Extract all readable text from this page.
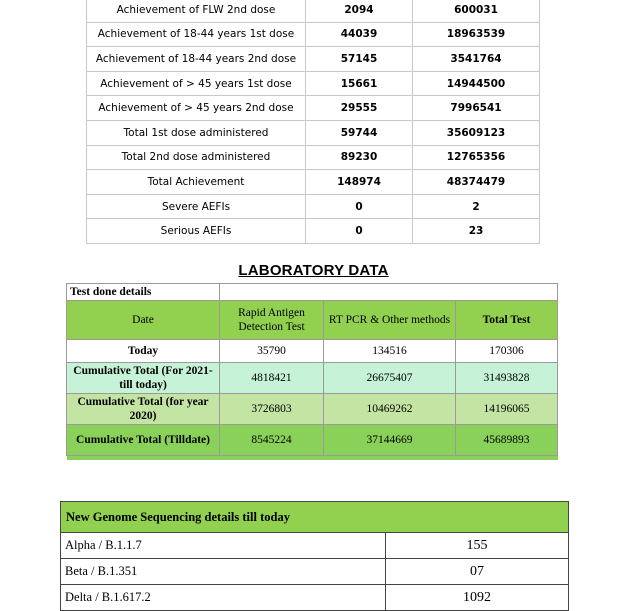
Achievement of FLW 2nd dose	2094	600031
Achievement of 18-44 years 1st dose	44039	18963539
Achievement of 18-44 years 2nd dose	57145	3541764
Achievement of > 45 years 1st dose	15661	14944500
Achievement of > 45 years 2nd dose	29555	7996541
Total 1st dose administered	59744	35609123
Total 2nd dose administered	89230	12765356
Total Achievement	148974	48374479
Severe AEFIs	0	2
Serious AEFIs	0	23
LABORATORY DATA
Test done details			
Date	Rapid Antigen Detection Test	RT PCR & Other methods	Total Test
Today	35790	134516	170306
Cumulative Total (For 2021- till today)	4818421	26675407	31493828
Cumulative Total (for year 2020)	3726803	10469262	14196065
Cumulative Total (Tilldate)	8545224	37144669	45689893

New Genome Sequencing details till today	
Alpha / B.1.1.7	155
Beta / B.1.351	07
Delta / B.1.617.2	1092
